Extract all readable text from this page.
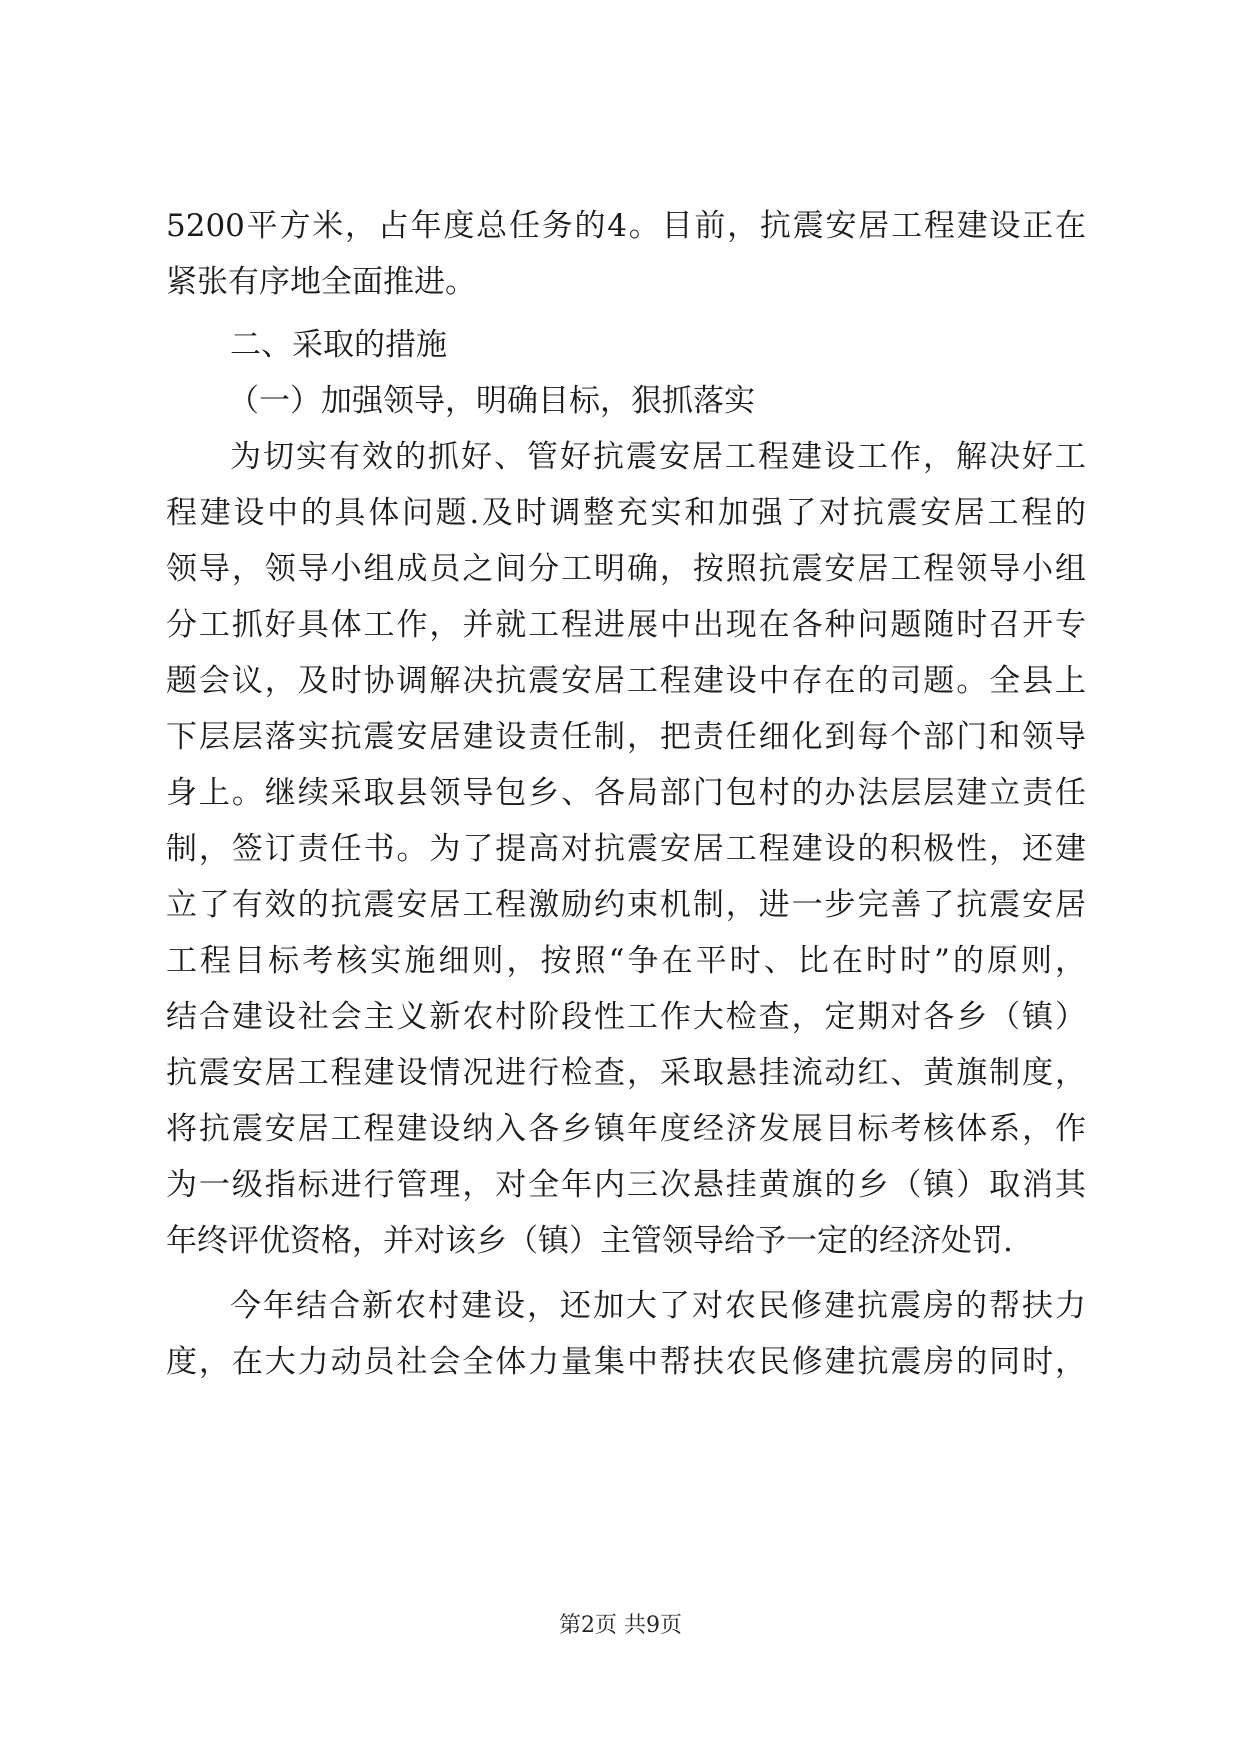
5200平方米，占年度总任务的4。目前，抗震安居工程建设正在
紧张有序地全面推进。
二、采取的措施
（一）加强领导，明确目标，狠抓落实
为切实有效的抓好、管好抗震安居工程建设工作，解决好工
程建设中的具体问题.及时调整充实和加强了对抗震安居工程的
领导，领导小组成员之间分工明确，按照抗震安居工程领导小组
分工抓好具体工作，并就工程进展中出现在各种问题随时召开专
题会议，及时协调解决抗震安居工程建设中存在的司题。全县上
下层层落实抗震安居建设责任制，把责任细化到每个部门和领导
身上。继续采取县领导包乡、各局部门包村的办法层层建立责任
制，签订责任书。为了提高对抗震安居工程建设的积极性，还建
立了有效的抗震安居工程激励约束机制，进一步完善了抗震安居
工程目标考核实施细则，按照“争在平时、比在时时”的原则，
结合建设社会主义新农村阶段性工作大检查，定期对各乡（镇）
抗震安居工程建设情况进行检查，采取悬挂流动红、黄旗制度，
将抗震安居工程建设纳入各乡镇年度经济发展目标考核体系，作
为一级指标进行管理，对全年内三次悬挂黄旗的乡（镇）取消其
年终评优资格，并对该乡（镇）主管领导给予一定的经济处罚.
今年结合新农村建设，还加大了对农民修建抗震房的帮扶力
度，在大力动员社会全体力量集中帮扶农民修建抗震房的同时，
第2页 共9页
